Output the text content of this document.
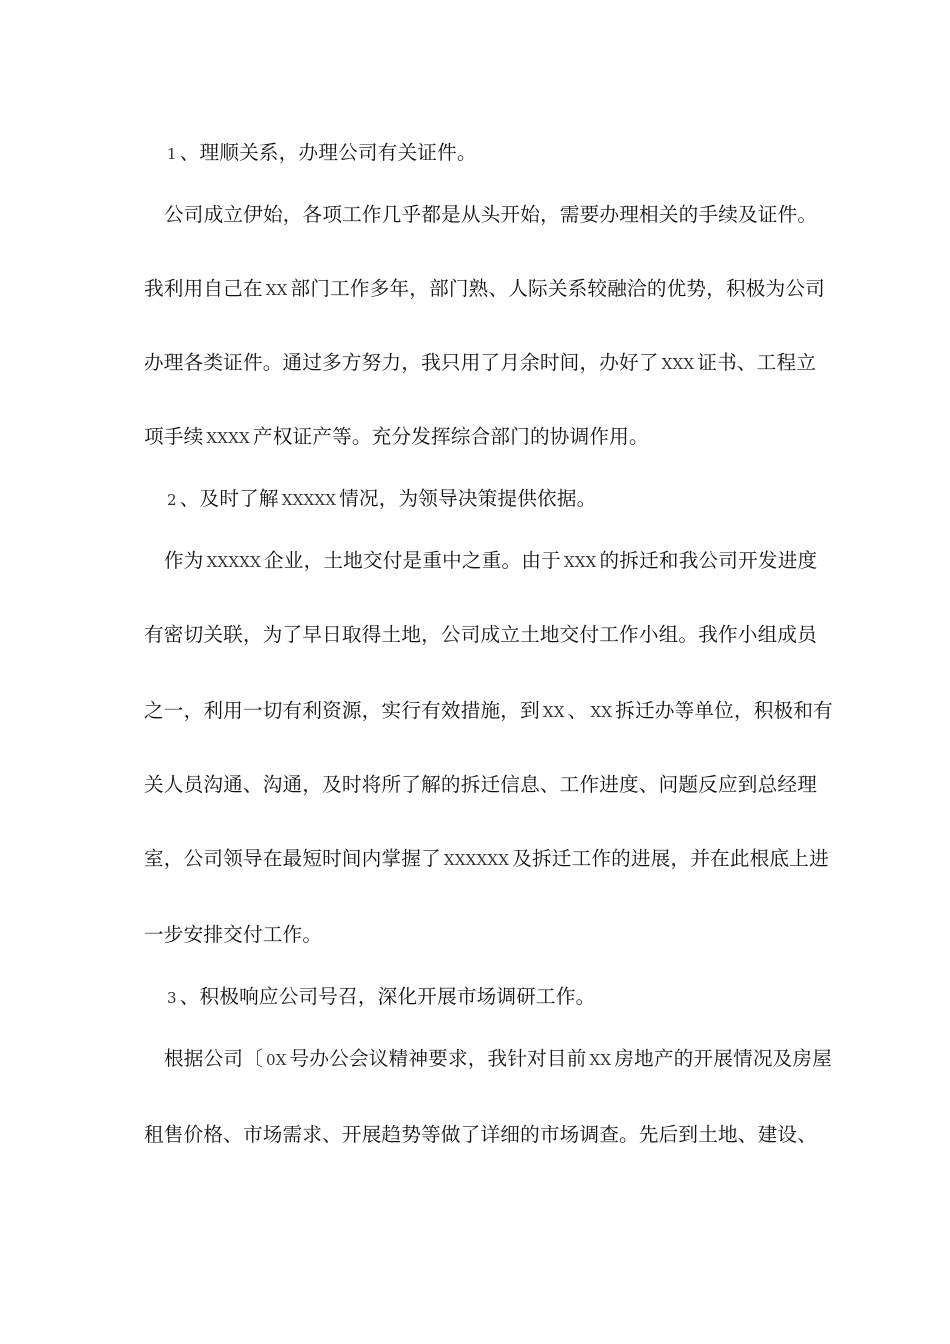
1 、理顺关系，办理公司有关证件。
公司成立伊始，各项工作几乎都是从头开始，需要办理相关的手续及证件。
我利用自己在 XX 部门工作多年，部门熟、人际关系较融洽的优势，积极为公司
办理各类证件。通过多方努力，我只用了月余时间，办好了 XXX 证书、工程立
项手续 XXXX 产权证产等。充分发挥综合部门的协调作用。
2 、及时了解 XXXXX 情况，为领导决策提供依据。
作为 XXXXX 企业，土地交付是重中之重。由于 XXX 的拆迁和我公司开发进度
有密切关联，为了早日取得土地，公司成立土地交付工作小组。我作小组成员
之一，利用一切有利资源，实行有效措施，到 XX 、 XX 拆迁办等单位，积极和有
关人员沟通、沟通，及时将所了解的拆迁信息、工作进度、问题反应到总经理
室，公司领导在最短时间内掌握了 XXXXXX 及拆迁工作的进展，并在此根底上进
一步安排交付工作。
3 、积极响应公司号召，深化开展市场调研工作。
根据公司〔 0X 号办公会议精神要求，我针对目前 XX 房地产的开展情况及房屋
租售价格、市场需求、开展趋势等做了详细的市场调查。先后到土地、建设、
